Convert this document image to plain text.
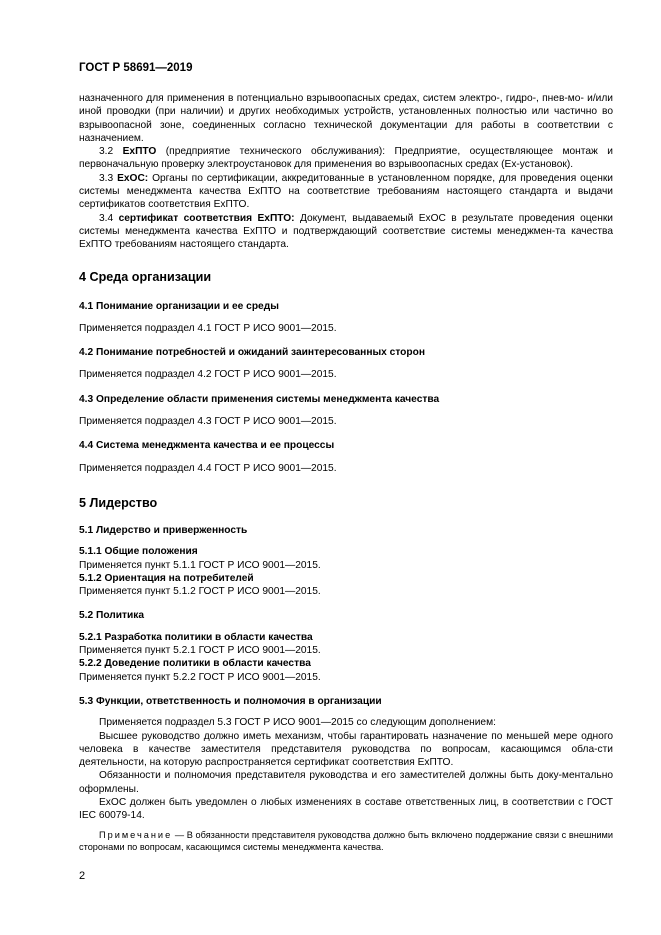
ГОСТ Р 58691—2019

назначенного для применения в потенциально взрывоопасных средах, систем электро-, гидро-, пнев-мо- и/или иной проводки (при наличии) и других необходимых устройств, установленных полностью или частично во взрывоопасной зоне, соединенных согласно технической документации для работы в соответствии с назначением.

3.2 ExПТО (предприятие технического обслуживания): Предприятие, осуществляющее монтаж и первоначальную проверку электроустановок для применения во взрывоопасных средах (Ex-установок).

3.3 ExОС: Органы по сертификации, аккредитованные в установленном порядке, для проведения оценки системы менеджмента качества ExПТО на соответствие требованиям настоящего стандарта и выдачи сертификатов соответствия ExПТО.

3.4 сертификат соответствия ExПТО: Документ, выдаваемый ExОС в результате проведения оценки системы менеджмента качества ExПТО и подтверждающий соответствие системы менеджмен-та качества ExПТО требованиям настоящего стандарта.

4 Среда организации

4.1 Понимание организации и ее среды

Применяется подраздел 4.1 ГОСТ Р ИСО 9001—2015.

4.2 Понимание потребностей и ожиданий заинтересованных сторон

Применяется подраздел 4.2 ГОСТ Р ИСО 9001—2015.

4.3 Определение области применения системы менеджмента качества

Применяется подраздел 4.3 ГОСТ Р ИСО 9001—2015.

4.4 Система менеджмента качества и ее процессы

Применяется подраздел 4.4 ГОСТ Р ИСО 9001—2015.

5 Лидерство

5.1 Лидерство и приверженность

5.1.1 Общие положения

Применяется пункт 5.1.1 ГОСТ Р ИСО 9001—2015.

5.1.2 Ориентация на потребителей

Применяется пункт 5.1.2 ГОСТ Р ИСО 9001—2015.

5.2 Политика

5.2.1 Разработка политики в области качества

Применяется пункт 5.2.1 ГОСТ Р ИСО 9001—2015.

5.2.2 Доведение политики в области качества

Применяется пункт 5.2.2 ГОСТ Р ИСО 9001—2015.

5.3 Функции, ответственность и полномочия в организации

Применяется подраздел 5.3 ГОСТ Р ИСО 9001—2015 со следующим дополнением:

Высшее руководство должно иметь механизм, чтобы гарантировать назначение по меньшей мере одного человека в качестве заместителя представителя руководства по вопросам, касающимся обла-сти деятельности, на которую распространяется сертификат соответствия ExПТО.

Обязанности и полномочия представителя руководства и его заместителей должны быть доку-ментально оформлены.

ExОС должен быть уведомлен о любых изменениях в составе ответственных лиц, в соответствии с ГОСТ IEC 60079-14.

Примечание — В обязанности представителя руководства должно быть включено поддержание связи с внешними сторонами по вопросам, касающимся системы менеджмента качества.

2
